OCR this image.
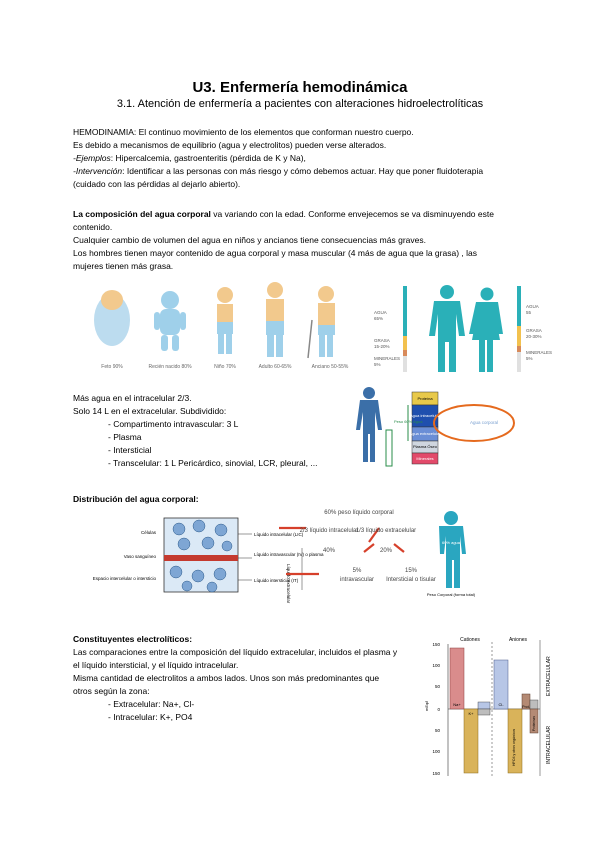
U3. Enfermería hemodinámica
3.1. Atención de enfermería a pacientes con alteraciones hidroelectrolíticas
HEMODINAMIA: El continuo movimiento de los elementos que conforman nuestro cuerpo.
Es debido a mecanismos de equilibrio (agua y electrolitos) pueden verse alterados.
-Ejemplos: Hipercalcemia, gastroenteritis (pérdida de K y Na),
-Intervención: Identificar a las personas con más riesgo y cómo debemos actuar. Hay que poner fluidoterapia
(cuidado con las pérdidas al dejarlo abierto).
La composición del agua corporal va variando con la edad. Conforme envejecemos se va disminuyendo este
contenido.
Cualquier cambio de volumen del agua en niños y ancianos tiene consecuencias más graves.
Los hombres tienen mayor contenido de agua corporal y masa muscular (4 más de agua que la grasa) , las
mujeres tienen más grasa.
Feto 90%	Recién nacido 80%	Niño 70%	Adulto 60-65%	Anciano 50-55%
AGUA
65%
GRASA
15-20%
MINERALES
5%
AGUA
55
GRASA
20-30%
MINERALES
5%
Más agua en el intracelular 2/3.
Solo 14 L en el extracelular. Subdividido:
- Compartimento intravascular: 3 L
- Plasma
- Intersticial
- Transcelular: 1 L Pericárdico, sinovial, LCR, pleural, ...
Proteína
Agua intracelular
Agua extracelular
Plasma Óseo
Minerales
Peso 60% Agua	Agua corporal
Distribución del agua corporal:
Células
Vaso sanguíneo
Espacio intercelular o intersticio
Líquido intracelular (LIC)
Líquido intravascular (IV) o plasma
Líquido intersticial (IT)
Líquido extracelular
60% peso líquido corporal
2/3 líquido intracelular
40%
1/3 líquido extracelular
20%
5%
intravascular
15%
Intersticial o tisular
60% agua
Peso Corporal (forma total)
Constituyentes electrolíticos:
Las comparaciones entre la composición del líquido extracelular, incluidos el plasma y
el líquido intersticial, y el líquido intracelular.
Misma cantidad de electrolitos a ambos lados. Unos son más predominantes que
otros según la zona:
- Extracelular: Na+, Cl-
- Intracelular: K+, PO4
Cationes	Aniones
150
100
50
0
50
100
150
mEq/l	Na+
K+
Cl-
HPO4 y otros orgánicos
Prot.
Proteínas
EXTRACELULAR
INTRACELULAR
